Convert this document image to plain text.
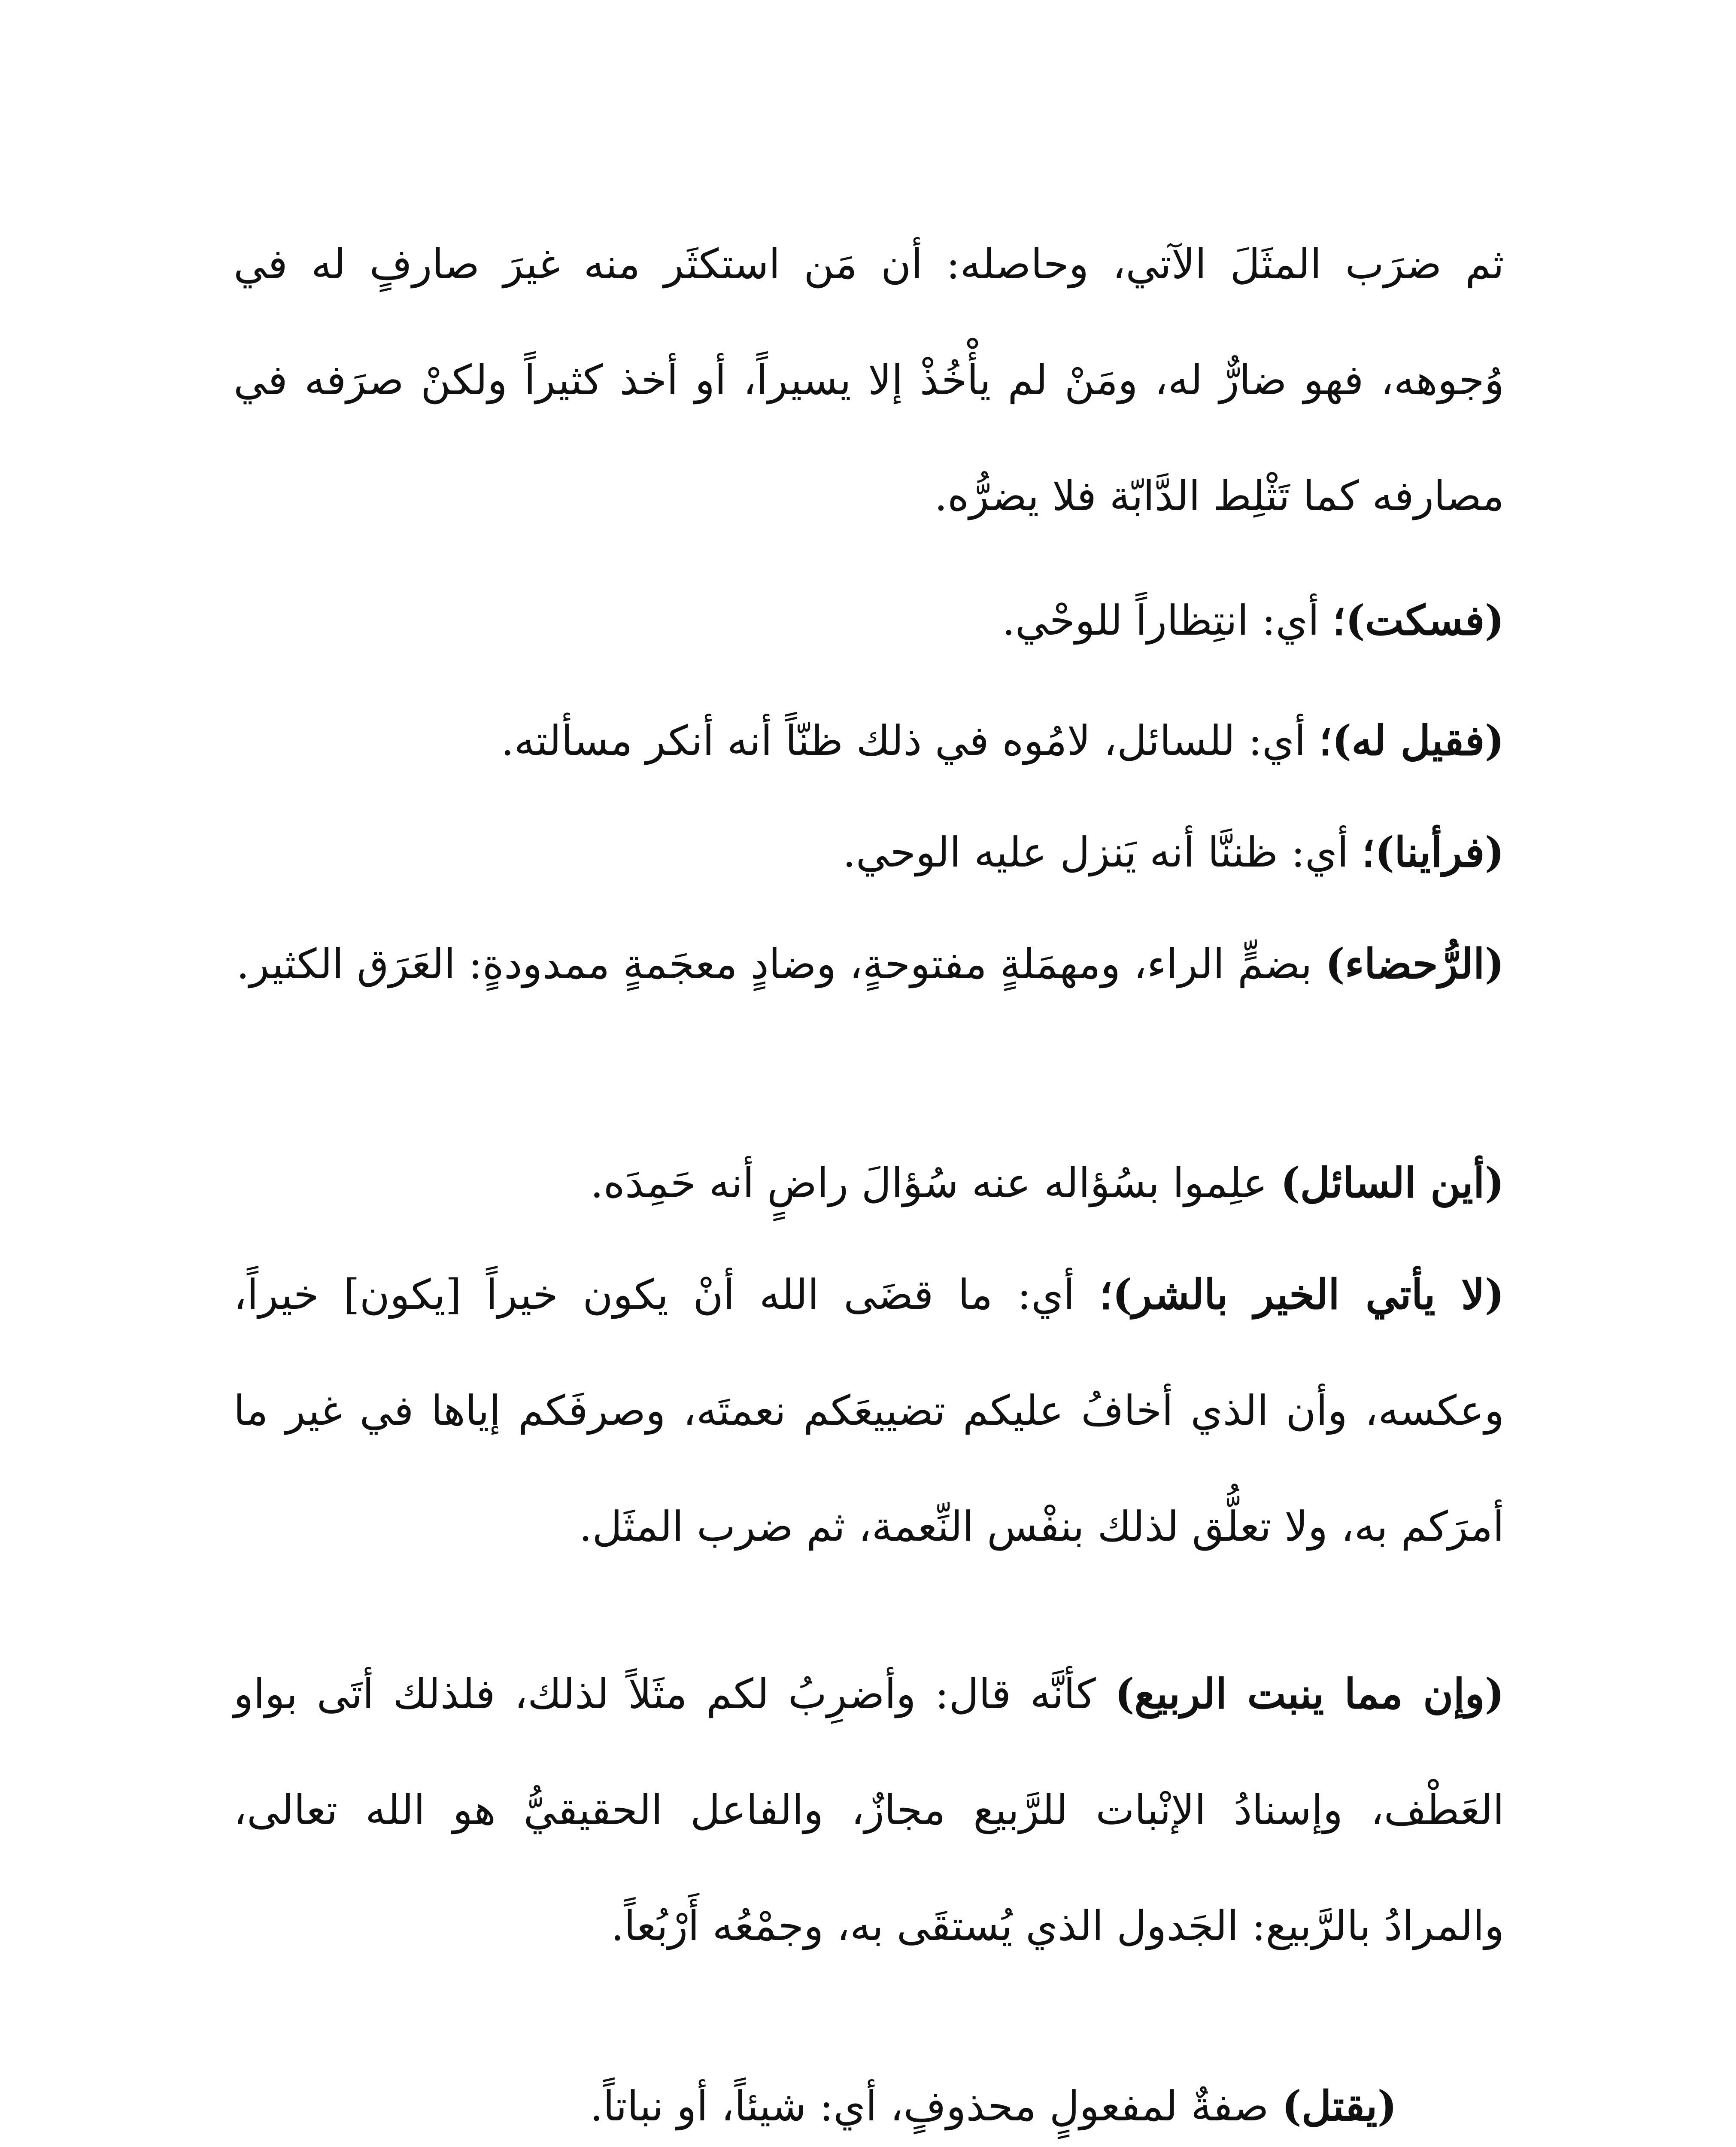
ثم ضرَب المثَلَ الآتي، وحاصله: أن مَن استكثَر منه غيرَ صارفٍ له في وُجوهه، فهو ضارٌّ له، ومَنْ لم يأْخُذْ إلا يسيراً، أو أخذ كثيراً ولكنْ صرَفه في مصارفه كما تَثْلِط الدَّابّة فلا يضرُّه.

(فسكت)؛ أي: انتِظاراً للوحْي.

(فقيل له)؛ أي: للسائل، لامُوه في ذلك ظنّاً أنه أنكر مسألته.

(فرأينا)؛ أي: ظننَّا أنه يَنزل عليه الوحي.

(الرُّحضاء) بضمٍّ الراء، ومهمَلةٍ مفتوحةٍ، وضادٍ معجَمةٍ ممدودةٍ: العَرَق الكثير.

(أين السائل) علِموا بسُؤاله عنه سُؤالَ راضٍ أنه حَمِدَه.

(لا يأتي الخير بالشر)؛ أي: ما قضَى الله أنْ يكون خيراً [يكون] خيراً، وعكسه، وأن الذي أخافُ عليكم تضييعَكم نعمتَه، وصرفَكم إياها في غير ما أمرَكم به، ولا تعلُّق لذلك بنفْس النِّعمة، ثم ضرب المثَل.

(وإن مما ينبت الربيع) كأنَّه قال: وأضرِبُ لكم مثَلاً لذلك، فلذلك أتَى بواو العَطْف، وإسنادُ الإنْبات للرَّبيع مجازٌ، والفاعل الحقيقيُّ هو الله تعالى، والمرادُ بالرَّبيع: الجَدول الذي يُستقَى به، وجمْعُه أَرْبُعاً.

(يقتل) صفةٌ لمفعولٍ محذوفٍ، أي: شيئاً، أو نباتاً.
